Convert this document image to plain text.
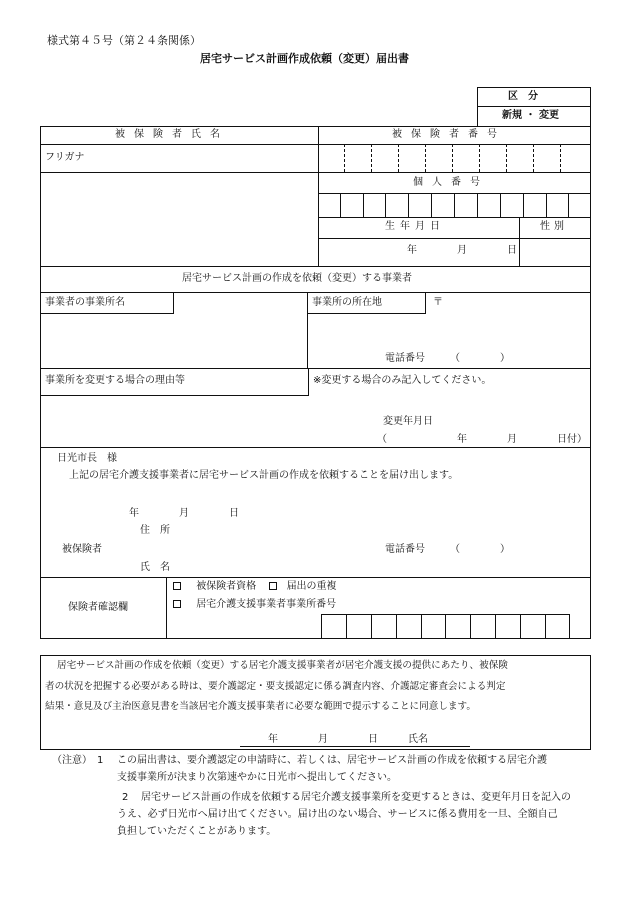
様式第４５号（第２４条関係）
居宅サービス計画作成依頼（変更）届出書
区　分
新規 ・ 変更
被保険者氏名	被保険者番号
フリガナ
個人番号
生年月日	性別
年　　　　月　　　　日
居宅サービス計画の作成を依頼（変更）する事業者
事業者の事業所名	事業所の所在地	〒
電話番号　　　（　　　　）
事業所を変更する場合の理由等	※変更する場合のみ記入してください。
変更年月日
（　　　　　　　年　　　　月　　　　日付）
日光市長　様
上記の居宅介護支援事業者に居宅サービス計画の作成を依頼することを届け出します。
年　　　　月　　　　日
住　所
被保険者	電話番号　　　（　　　　）
氏　名
保険者確認欄
被保険者資格	届出の重複
居宅介護支援事業者事業所番号
居宅サービス計画の作成を依頼（変更）する居宅介護支援事業者が居宅介護支援の提供にあたり、被保険
者の状況を把握する必要がある時は、要介護認定・要支援認定に係る調査内容、介護認定審査会による判定
結果・意見及び主治医意見書を当該居宅介護支援事業者に必要な範囲で提示することに同意します。
年　　　　月　　　　日　　　氏名
（注意） 1 この届出書は、要介護認定の申請時に、若しくは、居宅サービス計画の作成を依頼する居宅介護
支援事業所が決まり次第速やかに日光市へ提出してください。
2 居宅サービス計画の作成を依頼する居宅介護支援事業所を変更するときは、変更年月日を記入の
うえ、必ず日光市へ届け出てください。届け出のない場合、サービスに係る費用を一旦、全額自己
負担していただくことがあります。
